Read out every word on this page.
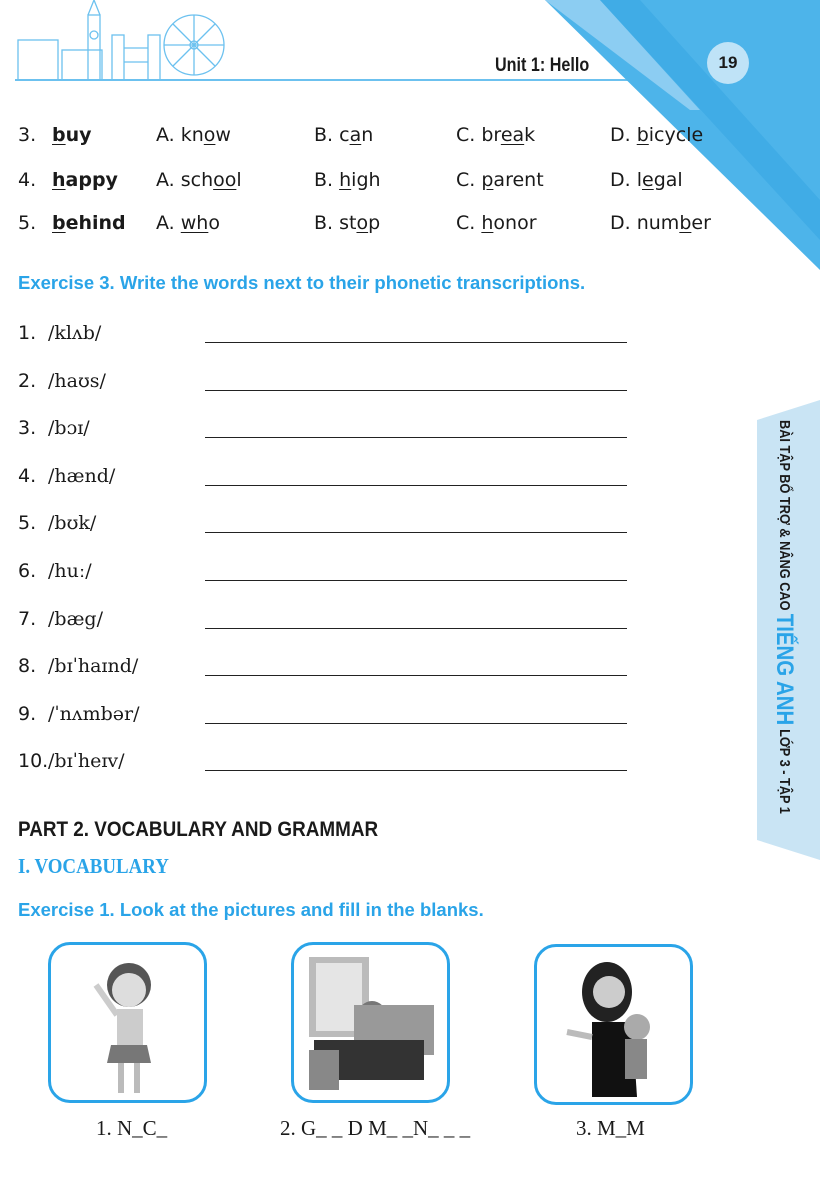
Unit 1: Hello	19
3. buy	A. know	B. can	C. break	D. bicycle
4. happy A. school	B. high	C. parent	D. legal
5. behind A. who	B. stop	C. honor	D. number
Exercise 3. Write the words next to their phonetic transcriptions.
1. /klʌb/
2. /haʊs/
3. /bɔɪ/
4. /hænd/
5. /bʊk/
6. /huː/
7. /bæg/
8. /bɪˈhaɪnd/
9. /ˈnʌmbər/
10. /bɪˈheɪv/
PART 2. VOCABULARY AND GRAMMAR
I. VOCABULARY
Exercise 1. Look at the pictures and fill in the blanks.
1. N_C_	2. G_ _ D M_ _N_ _ _	3. M_M
BÀI TẬP BỔ TRỢ & NÂNG CAO TIẾNG ANH LỚP 3 - TẬP 1
